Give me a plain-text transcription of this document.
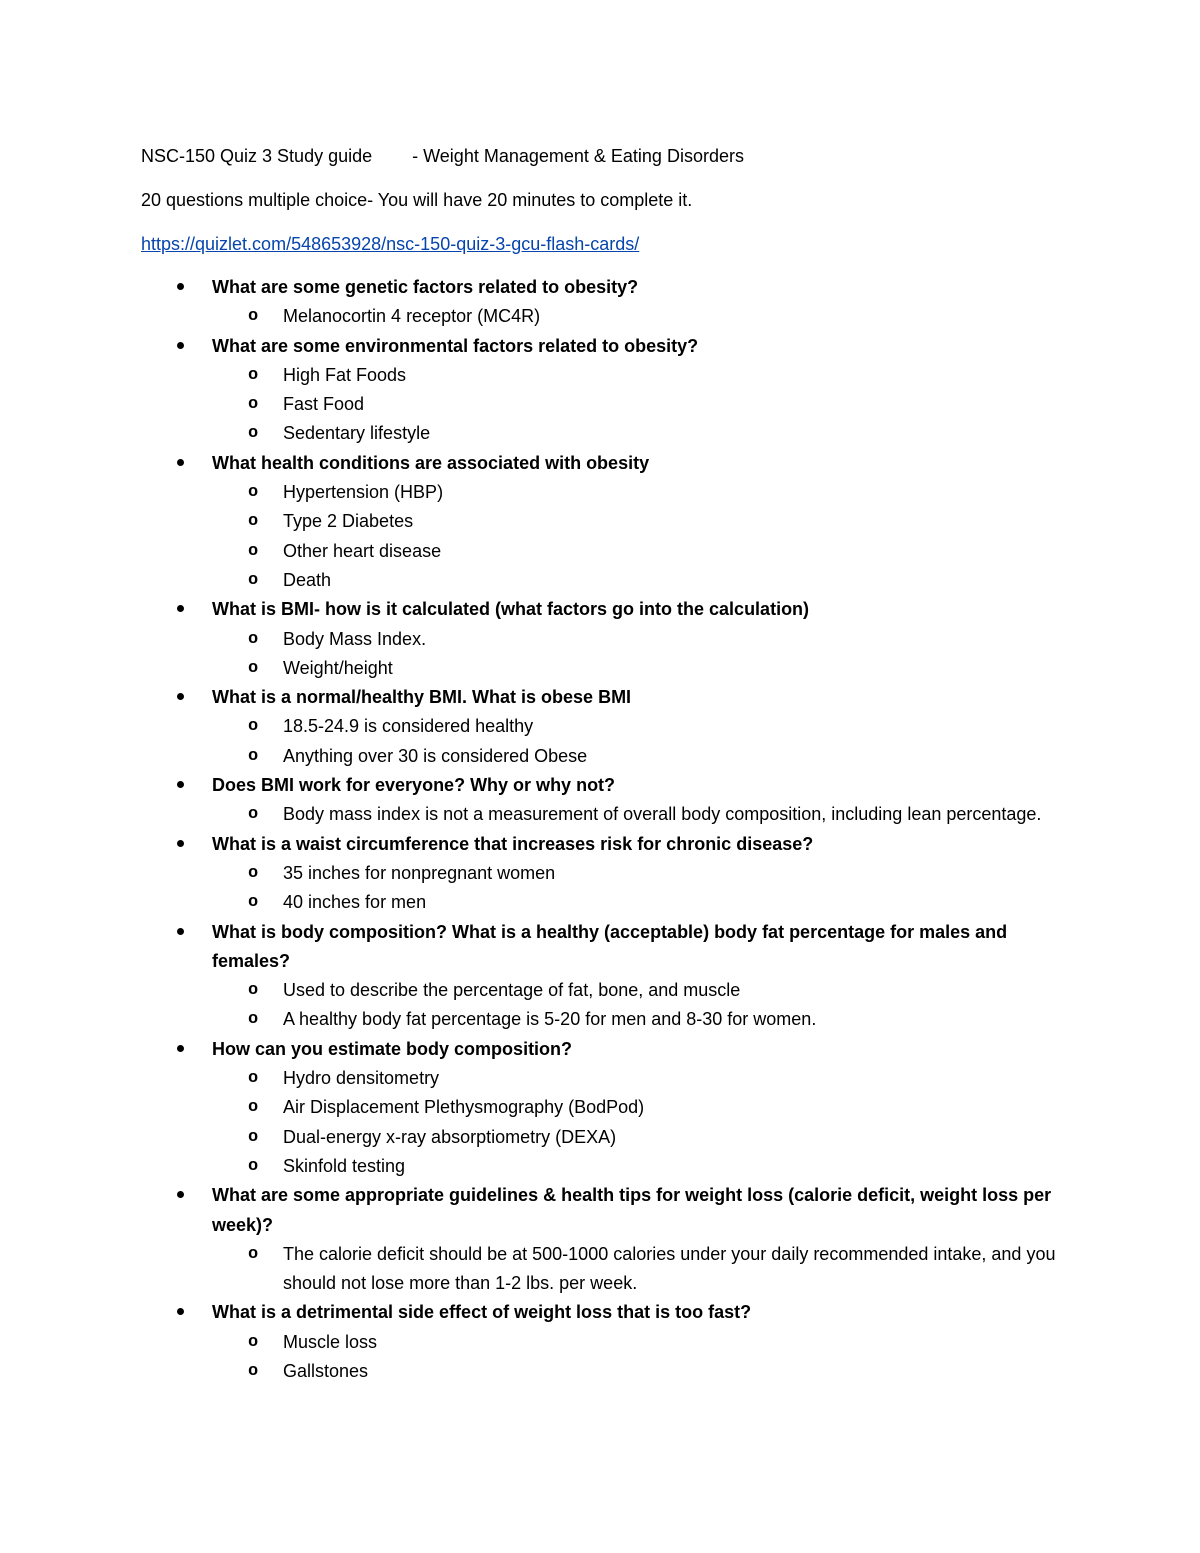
NSC-150 Quiz 3 Study guide - Weight Management & Eating Disorders

20 questions multiple choice- You will have 20 minutes to complete it.

https://quizlet.com/548653928/nsc-150-quiz-3-gcu-flash-cards/

What are some genetic factors related to obesity?
o Melanocortin 4 receptor (MC4R)
What are some environmental factors related to obesity?
o High Fat Foods
o Fast Food
o Sedentary lifestyle
What health conditions are associated with obesity
o Hypertension (HBP)
o Type 2 Diabetes
o Other heart disease
o Death
What is BMI- how is it calculated (what factors go into the calculation)
o Body Mass Index.
o Weight/height
What is a normal/healthy BMI. What is obese BMI
o 18.5-24.9 is considered healthy
o Anything over 30 is considered Obese
Does BMI work for everyone? Why or why not?
o Body mass index is not a measurement of overall body composition, including lean percentage.
What is a waist circumference that increases risk for chronic disease?
o 35 inches for nonpregnant women
o 40 inches for men
What is body composition? What is a healthy (acceptable) body fat percentage for males and females?
o Used to describe the percentage of fat, bone, and muscle
o A healthy body fat percentage is 5-20 for men and 8-30 for women.
How can you estimate body composition?
o Hydro densitometry
o Air Displacement Plethysmography (BodPod)
o Dual-energy x-ray absorptiometry (DEXA)
o Skinfold testing
What are some appropriate guidelines & health tips for weight loss (calorie deficit, weight loss per week)?
o The calorie deficit should be at 500-1000 calories under your daily recommended intake, and you should not lose more than 1-2 lbs. per week.
What is a detrimental side effect of weight loss that is too fast?
o Muscle loss
o Gallstones
